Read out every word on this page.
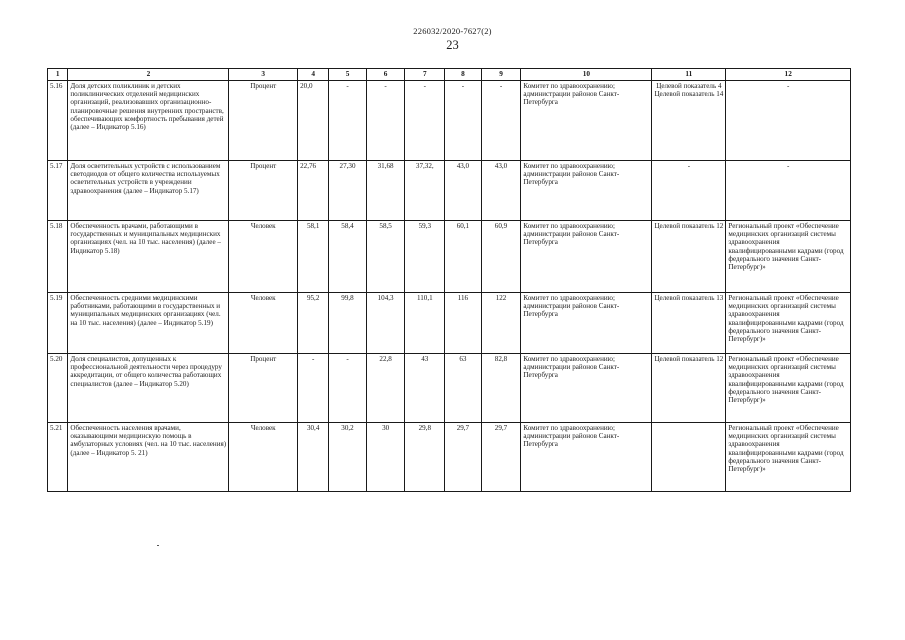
226032/2020-7627(2)
23
1	2	3	4	5	6	7	8	9	10	11	12
5.16	Доля детских поликлиник и детских поликлинических отделений медицинских организаций, реализовавших организационно-планировочные решения внутренних пространств, обеспечивающих комфортность пребывания детей (далее – Индикатор 5.16)	Процент	20,0	-	-	-	-	-	Комитет по здравоохранению; администрации районов Санкт-Петербурга	Целевой показатель 4 Целевой показатель 14	-
5.17	Доля осветительных устройств с использованием светодиодов от общего количества используемых осветительных устройств в учреждении здравоохранения (далее – Индикатор 5.17)	Процент	22,76	27,30	31,68	37,32,	43,0	43,0	Комитет по здравоохранению; администрации районов Санкт-Петербурга	-	-
5.18	Обеспеченность врачами, работающими в государственных и муниципальных медицинских организациях (чел. на 10 тыс. населения) (далее – Индикатор 5.18)	Человек	58,1	58,4	58,5	59,3	60,1	60,9	Комитет по здравоохранению; администрации районов Санкт-Петербурга	Целевой показатель 12	Региональный проект «Обеспечение медицинских организаций системы здравоохранения квалифицированными кадрами (город федерального значения Санкт-Петербург)»
5.19	Обеспеченность средними медицинскими работниками, работающими в государственных и муниципальных медицинских организациях (чел. на 10 тыс. населения) (далее – Индикатор 5.19)	Человек	95,2	99,8	104,3	110,1	116	122	Комитет по здравоохранению; администрации районов Санкт-Петербурга	Целевой показатель 13	Региональный проект «Обеспечение медицинских организаций системы здравоохранения квалифицированными кадрами (город федерального значения Санкт-Петербург)»
5.20	Доля специалистов, допущенных к профессиональной деятельности через процедуру аккредитации, от общего количества работающих специалистов (далее – Индикатор 5.20)	Процент	-	-	22,8	43	63	82,8	Комитет по здравоохранению; администрации районов Санкт-Петербурга	Целевой показатель 12	Региональный проект «Обеспечение медицинских организаций системы здравоохранения квалифицированными кадрами (город федерального значения Санкт-Петербург)»
5.21	Обеспеченность населения врачами, оказывающими медицинскую помощь в амбулаторных условиях (чел. на 10 тыс. населения) (далее – Индикатор 5. 21)	Человек	30,4	30,2	30	29,8	29,7	29,7	Комитет по здравоохранению; администрации районов Санкт-Петербурга		Региональный проект «Обеспечение медицинских организаций системы здравоохранения квалифицированными кадрами (город федерального значения Санкт-Петербург)»
